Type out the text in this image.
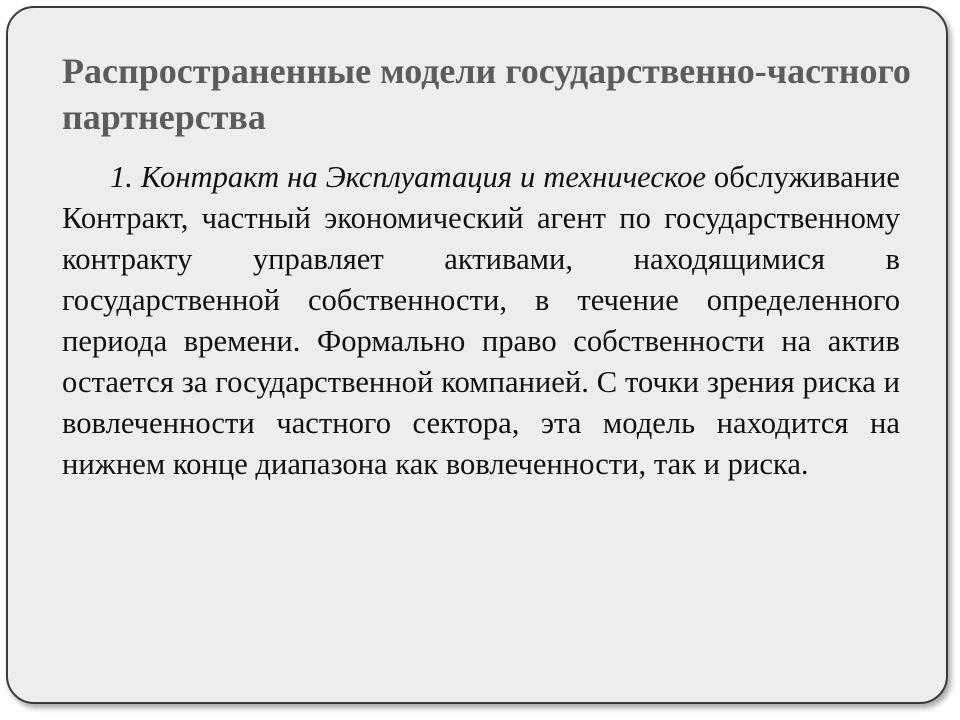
Распространенные модели государственно-частного партнерства

1. Контракт на Эксплуатация и техническое обслуживание Контракт, частный экономический агент по государственному контракту управляет активами, находящимися в государственной собственности, в течение определенного периода времени. Формально право собственности на актив остается за государственной компанией. С точки зрения риска и вовлеченности частного сектора, эта модель находится на нижнем конце диапазона как вовлеченности, так и риска.
